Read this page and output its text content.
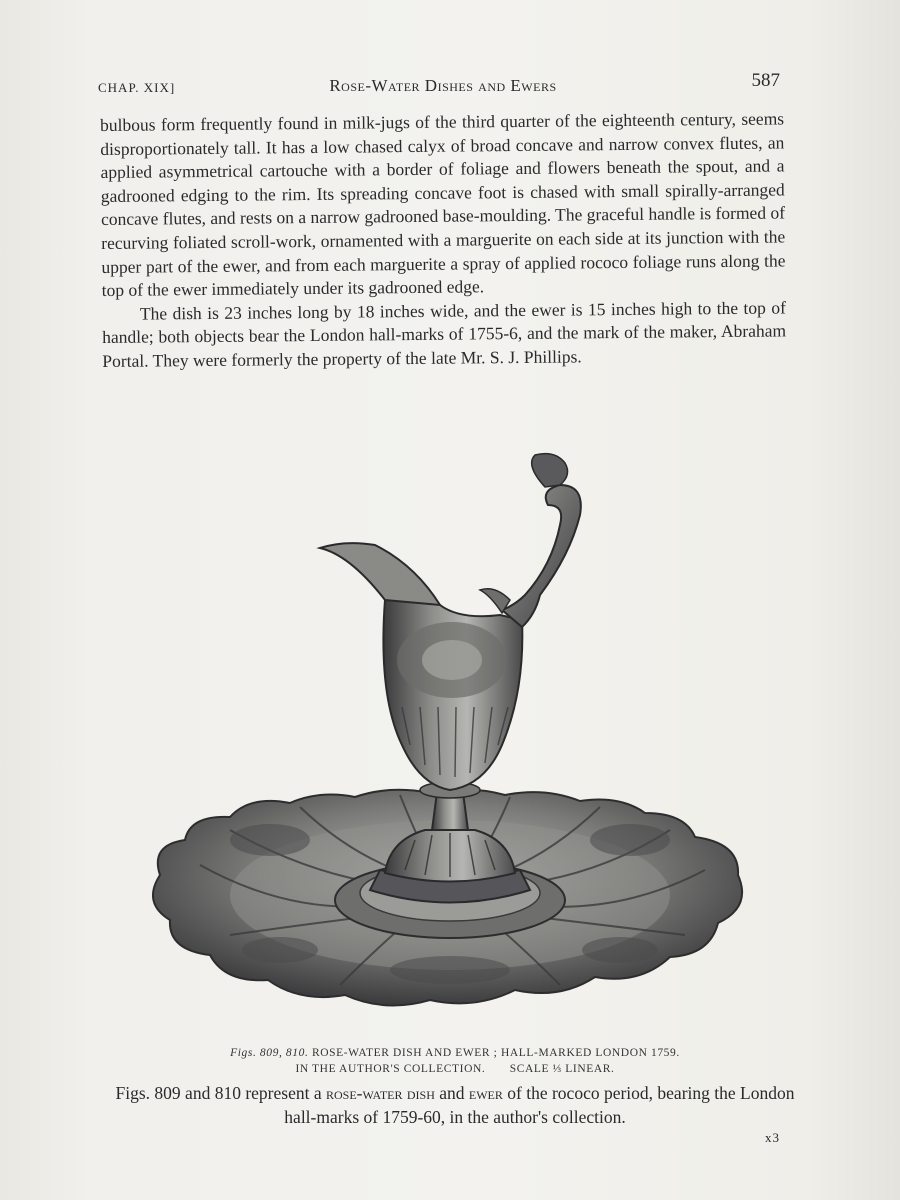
CHAP. XIX]	Rose-Water Dishes and Ewers	587

bulbous form frequently found in milk-jugs of the third quarter of the eighteenth century, seems disproportionately tall. It has a low chased calyx of broad concave and narrow convex flutes, an applied asymmetrical cartouche with a border of foliage and flowers beneath the spout, and a gadrooned edging to the rim. Its spreading concave foot is chased with small spirally-arranged concave flutes, and rests on a narrow gadrooned base-moulding. The graceful handle is formed of recurving foliated scroll-work, ornamented with a marguerite on each side at its junction with the upper part of the ewer, and from each marguerite a spray of applied rococo foliage runs along the top of the ewer immediately under its gadrooned edge.

The dish is 23 inches long by 18 inches wide, and the ewer is 15 inches high to the top of handle; both objects bear the London hall-marks of 1755-6, and the mark of the maker, Abraham Portal. They were formerly the property of the late Mr. S. J. Phillips.

Figs. 809, 810. ROSE-WATER DISH AND EWER ; HALL-MARKED LONDON 1759.
IN THE AUTHOR'S COLLECTION. SCALE ⅓ LINEAR.
Figs. 809 and 810 represent a rose-water dish and ewer of the rococo period, bearing the London hall-marks of 1759-60, in the author's collection.
x3
